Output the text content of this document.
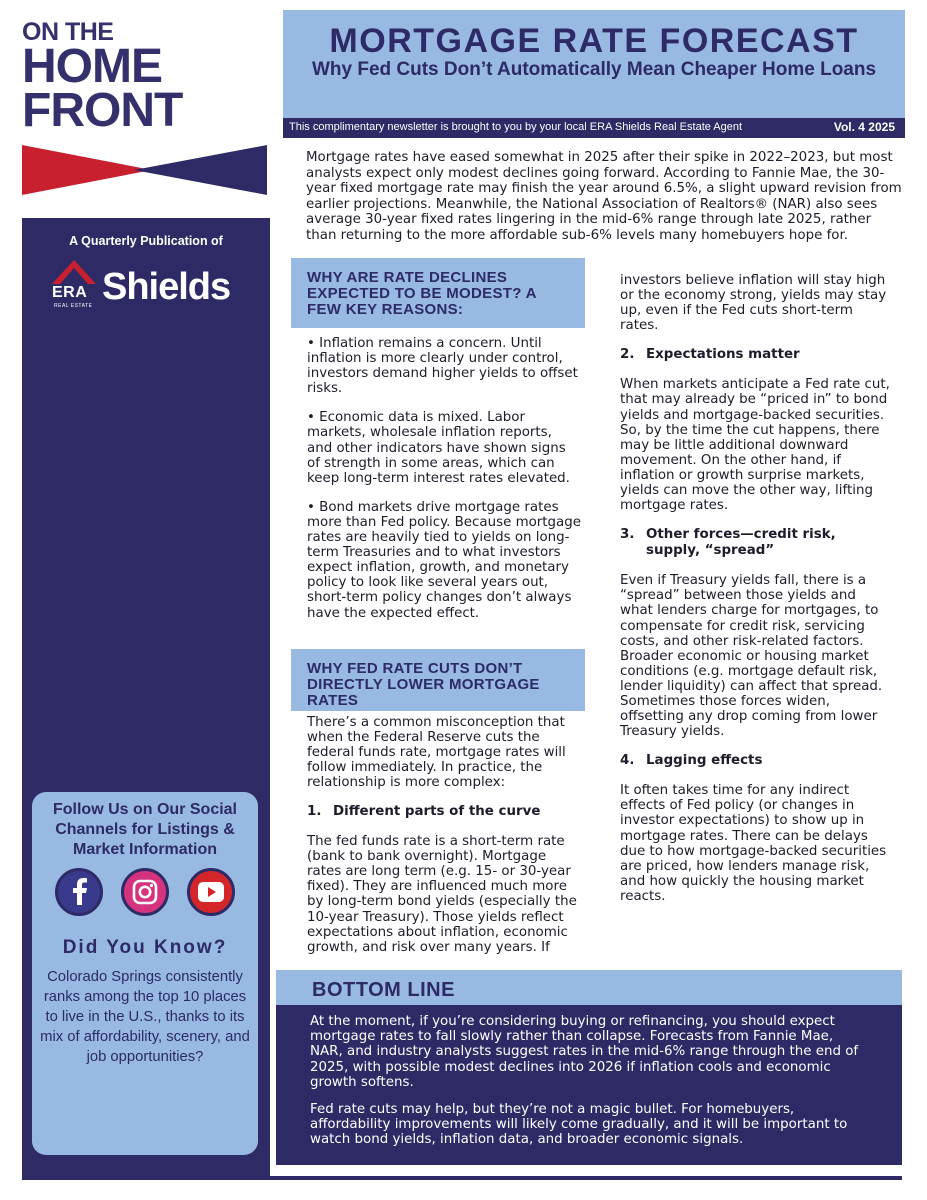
ON THE
HOME
FRONT
A Quarterly Publication of
ERA
REAL ESTATE Shields
Follow Us on Our Social Channels for Listings & Market Information
Did You Know?
Colorado Springs consistently ranks among the top 10 places to live in the U.S., thanks to its mix of affordability, scenery, and job opportunities?
MORTGAGE RATE FORECAST
Why Fed Cuts Don’t Automatically Mean Cheaper Home Loans
This complimentary newsletter is brought to you by your local ERA Shields Real Estate Agent	Vol. 4 2025

Mortgage rates have eased somewhat in 2025 after their spike in 2022–2023, but most analysts expect only modest declines going forward. According to Fannie Mae, the 30-year fixed mortgage rate may finish the year around 6.5%, a slight upward revision from earlier projections. Meanwhile, the National Association of Realtors® (NAR) also sees average 30-year fixed rates lingering in the mid-6% range through late 2025, rather than returning to the more affordable sub-6% levels many homebuyers hope for.

WHY ARE RATE DECLINES EXPECTED TO BE MODEST? A FEW KEY REASONS:

• Inflation remains a concern. Until inflation is more clearly under control, investors demand higher yields to offset risks.

• Economic data is mixed. Labor markets, wholesale inflation reports, and other indicators have shown signs of strength in some areas, which can keep long-term interest rates elevated.

• Bond markets drive mortgage rates more than Fed policy. Because mortgage rates are heavily tied to yields on long-term Treasuries and to what investors expect inflation, growth, and monetary policy to look like several years out, short-term policy changes don’t always have the expected effect.

WHY FED RATE CUTS DON’T DIRECTLY LOWER MORTGAGE RATES

There’s a common misconception that when the Federal Reserve cuts the federal funds rate, mortgage rates will follow immediately. In practice, the relationship is more complex:

1. Different parts of the curve

The fed funds rate is a short-term rate (bank to bank overnight). Mortgage rates are long term (e.g. 15- or 30-year fixed). They are influenced much more by long-term bond yields (especially the 10-year Treasury). Those yields reflect expectations about inflation, economic growth, and risk over many years. If

investors believe inflation will stay high or the economy strong, yields may stay up, even if the Fed cuts short-term rates.

2. Expectations matter

When markets anticipate a Fed rate cut, that may already be “priced in” to bond yields and mortgage-backed securities. So, by the time the cut happens, there may be little additional downward movement. On the other hand, if inflation or growth surprise markets, yields can move the other way, lifting mortgage rates.

3. Other forces—credit risk, supply, “spread”

Even if Treasury yields fall, there is a “spread” between those yields and what lenders charge for mortgages, to compensate for credit risk, servicing costs, and other risk-related factors. Broader economic or housing market conditions (e.g. mortgage default risk, lender liquidity) can affect that spread. Sometimes those forces widen, offsetting any drop coming from lower Treasury yields.

4. Lagging effects

It often takes time for any indirect effects of Fed policy (or changes in investor expectations) to show up in mortgage rates. There can be delays due to how mortgage-backed securities are priced, how lenders manage risk, and how quickly the housing market reacts.

BOTTOM LINE

At the moment, if you’re considering buying or refinancing, you should expect mortgage rates to fall slowly rather than collapse. Forecasts from Fannie Mae, NAR, and industry analysts suggest rates in the mid-6% range through the end of 2025, with possible modest declines into 2026 if inflation cools and economic growth softens.

Fed rate cuts may help, but they’re not a magic bullet. For homebuyers, affordability improvements will likely come gradually, and it will be important to watch bond yields, inflation data, and broader economic signals.
